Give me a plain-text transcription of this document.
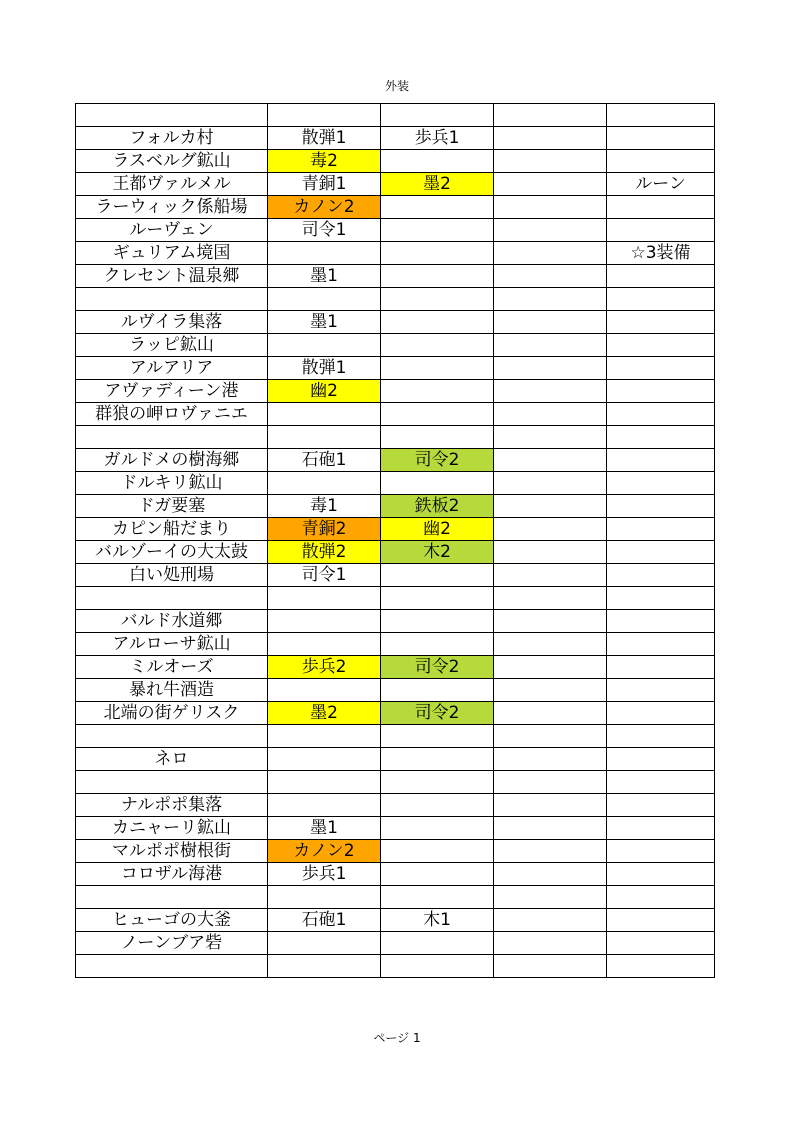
外装

フォルカ村	散弾1	歩兵1		
ラスベルグ鉱山	毒2			
王都ヴァルメル	青銅1	墨2		ルーン
ラーウィック係船場	カノン2			
ルーヴェン	司令1			
ギュリアム境国				☆3装備
クレセント温泉郷	墨1			

ルヴイラ集落	墨1			
ラッピ鉱山				
アルアリア	散弾1			
アヴァディーン港	幽2			
群狼の岬ロヴァニエ				

ガルドメの樹海郷	石砲1	司令2		
ドルキリ鉱山				
ドガ要塞	毒1	鉄板2		
カピン船だまり	青銅2	幽2		
バルゾーイの大太鼓	散弾2	木2		
白い処刑場	司令1			

バルド水道郷				
アルローサ鉱山				
ミルオーズ	歩兵2	司令2		
暴れ牛酒造				
北端の街ゲリスク	墨2	司令2		

ネロ				

ナルポポ集落				
カニャーリ鉱山	墨1			
マルポポ樹根街	カノン2			
コロザル海港	歩兵1			

ヒューゴの大釜	石砲1	木1		
ノーンブア砦				

ページ 1
